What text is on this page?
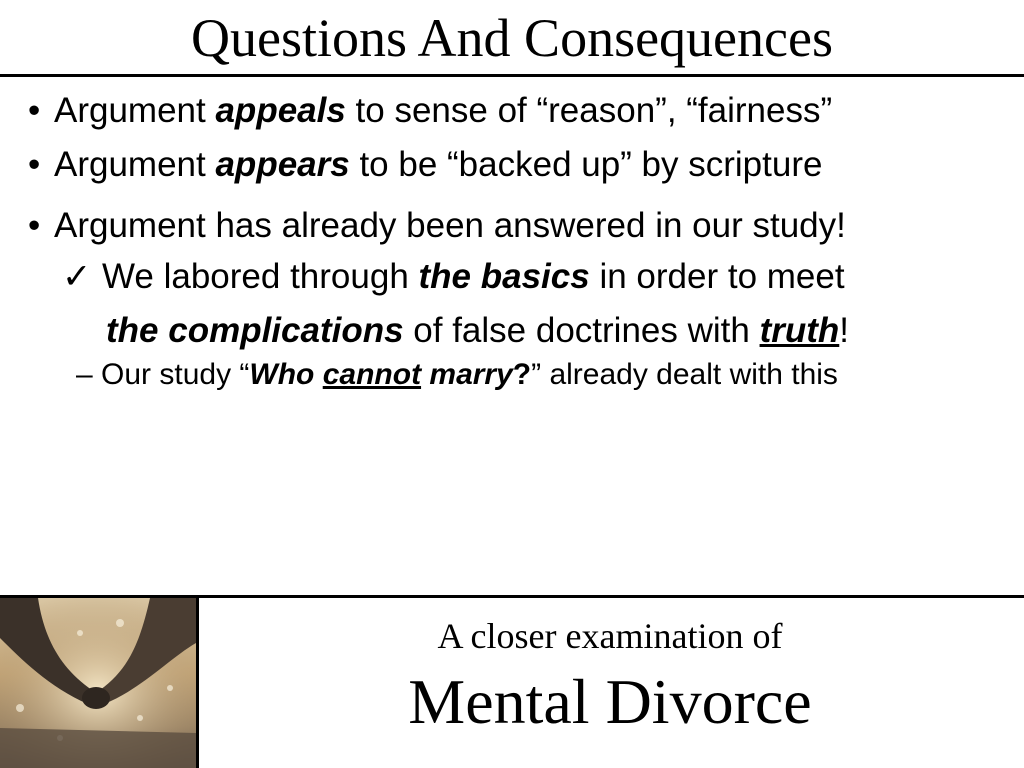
Questions And Consequences
• Argument appeals to sense of “reason”, “fairness”
• Argument appears to be “backed up” by scripture
• Argument has already been answered in our study!
✓ We labored through the basics in order to meet
the complications of false doctrines with truth!
– Our study “Who cannot marry?” already dealt with this
A closer examination of
Mental Divorce
